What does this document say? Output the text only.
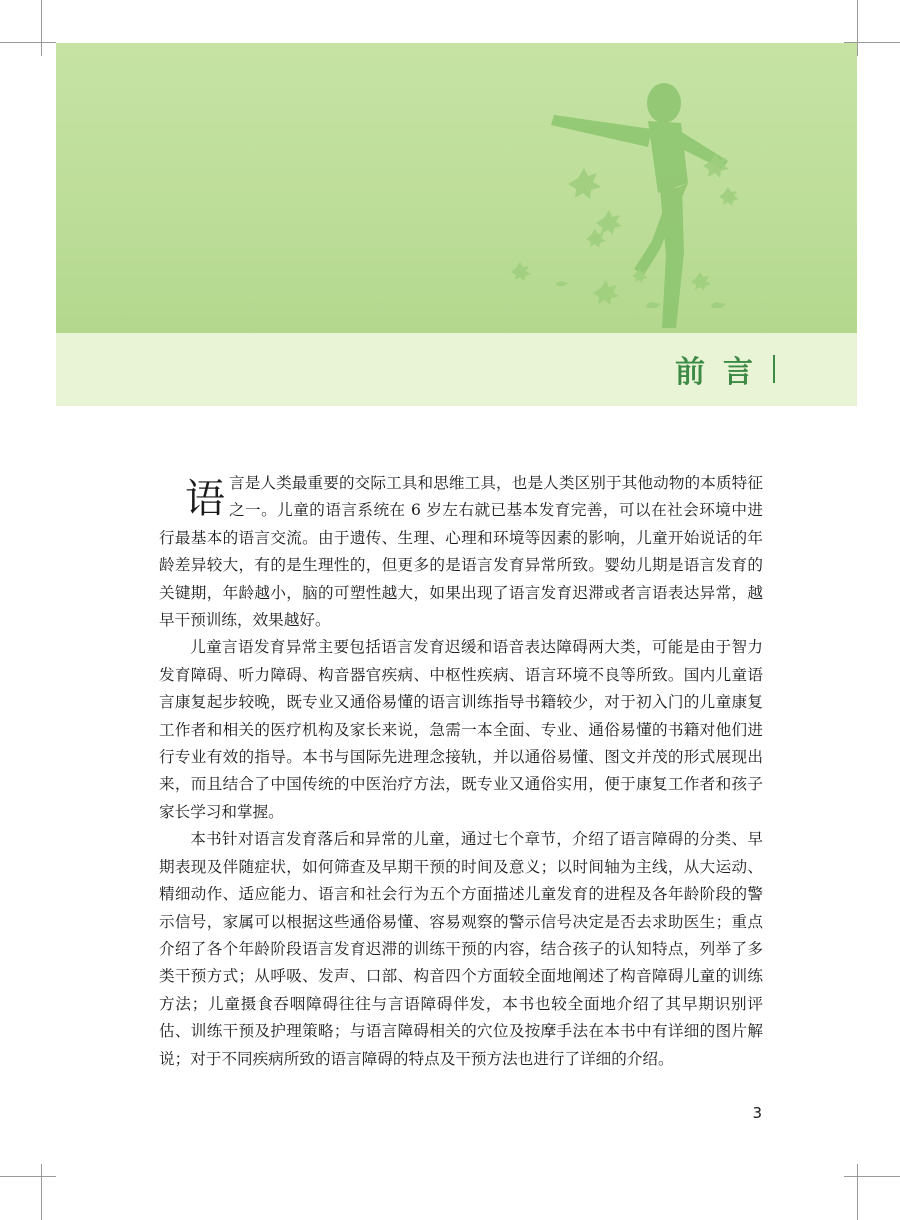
前言

语言是人类最重要的交际工具和思维工具，也是人类区别于其他动物的本质特征之一。儿童的语言系统在 6 岁左右就已基本发育完善，可以在社会环境中进行最基本的语言交流。由于遗传、生理、心理和环境等因素的影响，儿童开始说话的年龄差异较大，有的是生理性的，但更多的是语言发育异常所致。婴幼儿期是语言发育的关键期，年龄越小，脑的可塑性越大，如果出现了语言发育迟滞或者言语表达异常，越早干预训练，效果越好。

儿童言语发育异常主要包括语言发育迟缓和语音表达障碍两大类，可能是由于智力发育障碍、听力障碍、构音器官疾病、中枢性疾病、语言环境不良等所致。国内儿童语言康复起步较晚，既专业又通俗易懂的语言训练指导书籍较少，对于初入门的儿童康复工作者和相关的医疗机构及家长来说，急需一本全面、专业、通俗易懂的书籍对他们进行专业有效的指导。本书与国际先进理念接轨，并以通俗易懂、图文并茂的形式展现出来，而且结合了中国传统的中医治疗方法，既专业又通俗实用，便于康复工作者和孩子家长学习和掌握。

本书针对语言发育落后和异常的儿童，通过七个章节，介绍了语言障碍的分类、早期表现及伴随症状，如何筛查及早期干预的时间及意义；以时间轴为主线，从大运动、精细动作、适应能力、语言和社会行为五个方面描述儿童发育的进程及各年龄阶段的警示信号，家属可以根据这些通俗易懂、容易观察的警示信号决定是否去求助医生；重点介绍了各个年龄阶段语言发育迟滞的训练干预的内容，结合孩子的认知特点，列举了多类干预方式；从呼吸、发声、口部、构音四个方面较全面地阐述了构音障碍儿童的训练方法；儿童摄食吞咽障碍往往与言语障碍伴发，本书也较全面地介绍了其早期识别评估、训练干预及护理策略；与语言障碍相关的穴位及按摩手法在本书中有详细的图片解说；对于不同疾病所致的语言障碍的特点及干预方法也进行了详细的介绍。

3
